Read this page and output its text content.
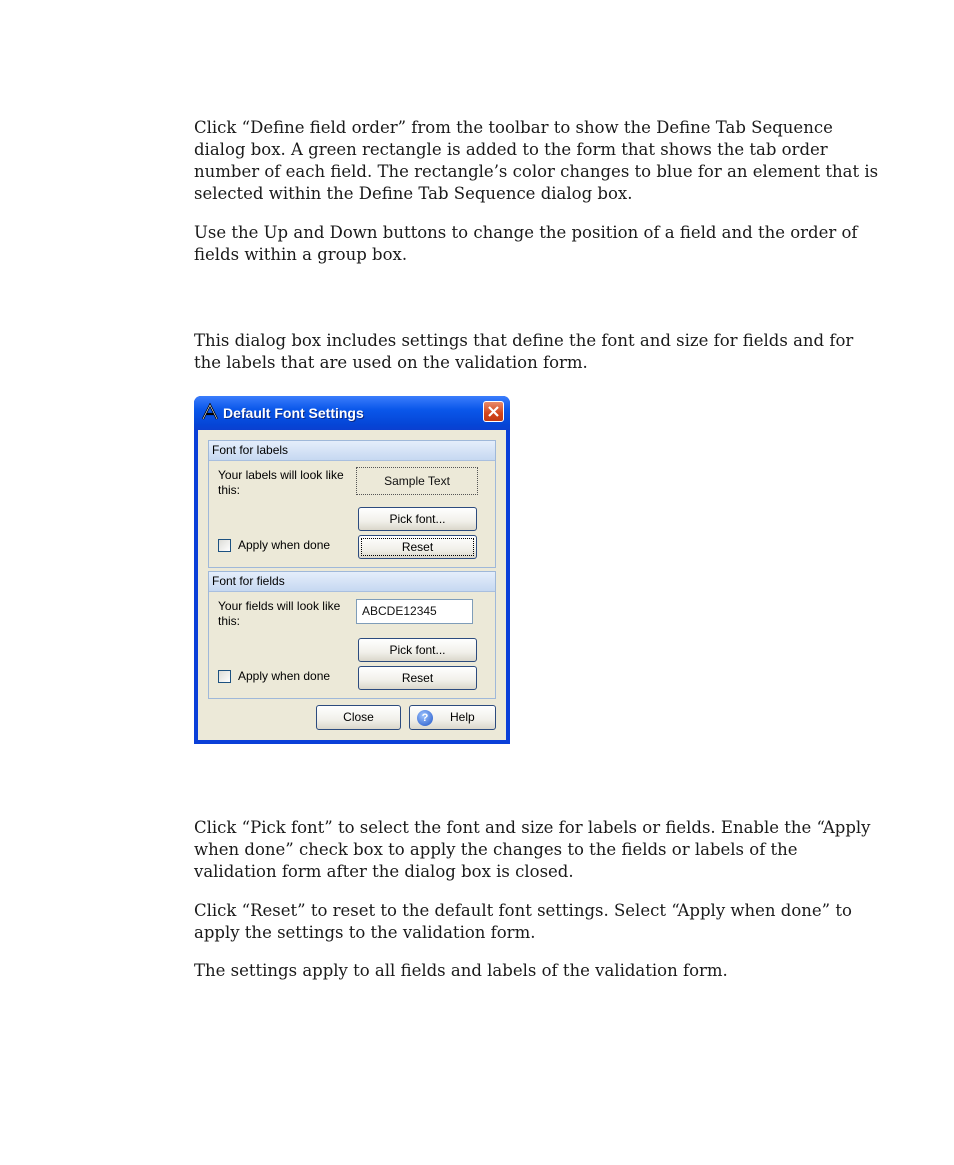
Click “Define field order” from the toolbar to show the Define Tab Sequence dialog box. A green rectangle is added to the form that shows the tab order number of each field. The rectangle’s color changes to blue for an element that is selected within the Define Tab Sequence dialog box.

Use the Up and Down buttons to change the position of a field and the order of fields within a group box.

This dialog box includes settings that define the font and size for fields and for the labels that are used on the validation form.

Default Font Settings
Font for labels
Your labels will look like this:
Sample Text
Pick font...
Apply when done	Reset
Font for fields
Your fields will look like this:
ABCDE12345
Pick font...
Apply when done	Reset
Close	?	Help

Click “Pick font” to select the font and size for labels or fields. Enable the “Apply when done” check box to apply the changes to the fields or labels of the validation form after the dialog box is closed.

Click “Reset” to reset to the default font settings. Select “Apply when done” to apply the settings to the validation form.

The settings apply to all fields and labels of the validation form.
